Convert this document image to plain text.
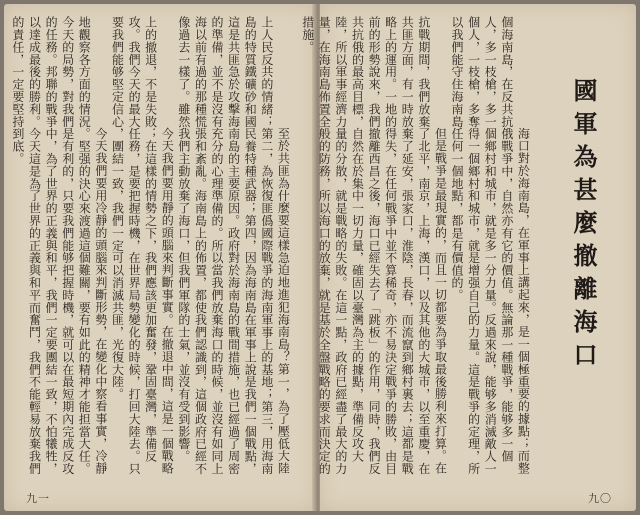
　　至於共匪為什麼要這樣急迫地進犯海南島？第一，為了壓低大陸上人民反共的情緒；第二，為恢復匪僞國際戰爭的海南軍事上的基地；第三，用海南島的特質鐵礦砂和國民養特種武器；第四，因為海南島在軍事上說是我們一個戰點，這是共匪急於攻擊海南島的主要原因。政府對於海南島的戰間措施，也已經過了周密的準備，並不是沒有充分的心理準備的。所以當我們放棄海口的時候，並沒有如同上海以前有過的那種慌張和紊亂。海南島上的佈置，都使我們認識到，這個政府已經不像過去一樣了。雖然我們主動放棄了海口，但我們軍隊的士氣，並沒有受到影響。
　　今天我們要用靜的頭腦來判斷事實。在撤退中間，這是一個戰略上的撤退，不是失敗；在這樣的情勢之下，我們應該更加奮發，鞏固臺灣，準備反攻。我們今天的最大任務，是要把握時機，在世界局勢變化的時候，打回大陸去。只要我們能够堅定信心，團結一致，我們一定可以消滅共匪，光復大陸。
　　今天我們要用冷靜的頭腦來判斷形勢，在變化中察看事實，冷靜地觀察各方面的情況。堅强的決心來渡過這個難關，要有如此的精神才能担當大任。今天的局勢，對我們是有利的，只要我們能够把握時機，就可以在最短期內完成反攻的任務。邦聯的戰爭中，為了世界的正義與和平，我們一定要團結一致，不怕犧牲，以達成最後的勝利。今天這是為了世界的正義與和平而奮鬥，我們不能輕易放棄我們的責任，一定要堅持到底。

九一

　　海口對於海南島，在軍事上講起來，是一個極重要的據點；而整個海南島，在反共抗俄戰爭中，自然亦有它的價值。無論那一種戰爭，能够多一個人，多一枝槍，多一個鄉村和城市，就是多一分力量。反過來說，能够多消滅敵人一個人，一枝槍，多奪得一個鄉村和城市，就是增强自己的力量。這是戰爭的定理，所以我們能守住海南島任何一個地點，都是有價值的。
　　但是戰爭是最現實的，而且一切都要為爭取最後勝利來打算。在抗戰期間，我們放棄了北平，南京，上海，漢口，以及其他的大城市，以至重慶，在共匪方面，有一時放棄了延安，張家口，淮陰，長春，而流竄到鄉村裏去；這都是戰略上的運用。一地的得失，在任何戰爭中並不算稀奇，亦不易決定戰爭的勝敗，由目前的形勢說來，我們撤離西昌之後，海口已經失去了「跳板」的作用，同時，我們反共抗俄的最高目標，自然在於集中一切力量，確固以臺灣為主的據點，準備反攻大陸，所以軍事經濟力量的分散，就是戰略的失敗。在這一點，政府已經盡了最大的力量，在海南島佈置全般的防務，所以海口的放棄，就是基於全盤戰略的要求而決定的措施。

國軍為甚麼撤離海口
九〇
